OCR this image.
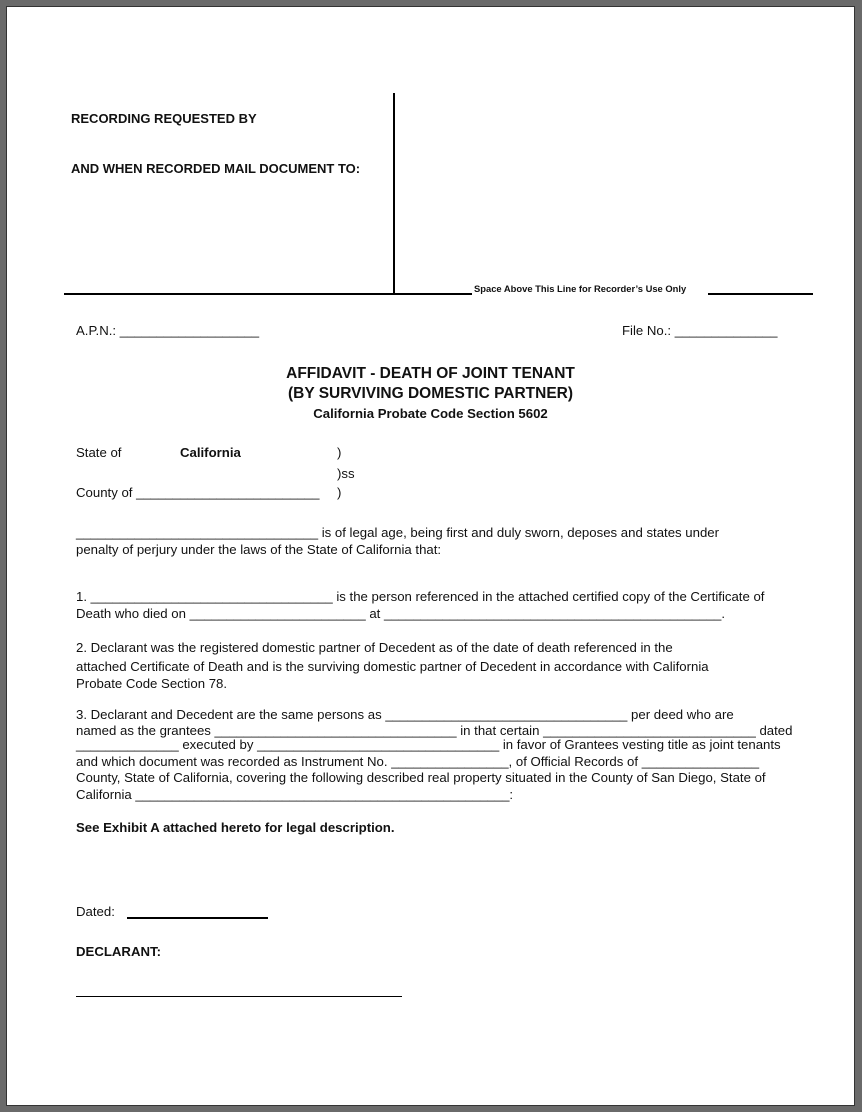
RECORDING REQUESTED BY
AND WHEN RECORDED MAIL DOCUMENT TO:
Space Above This Line for Recorder’s Use Only
A.P.N.: ___________________	File No.: ______________
AFFIDAVIT - DEATH OF JOINT TENANT
(BY SURVIVING DOMESTIC PARTNER)
California Probate Code Section 5602
State of	California	)
)ss
County of _________________________ )
_________________________________ is of legal age, being first and duly sworn, deposes and states under
penalty of perjury under the laws of the State of California that:
1. _________________________________ is the person referenced in the attached certified copy of the Certificate of
Death who died on ________________________ at ______________________________________________.
2. Declarant was the registered domestic partner of Decedent as of the date of death referenced in the
attached Certificate of Death and is the surviving domestic partner of Decedent in accordance with California
Probate Code Section 78.
3. Declarant and Decedent are the same persons as _________________________________ per deed who are
named as the grantees _________________________________ in that certain _____________________________ dated
______________ executed by _________________________________ in favor of Grantees vesting title as joint tenants
and which document was recorded as Instrument No. ________________, of Official Records of ________________
County, State of California, covering the following described real property situated in the County of San Diego, State of
California ___________________________________________________:
See Exhibit A attached hereto for legal description.
Dated:
DECLARANT:
